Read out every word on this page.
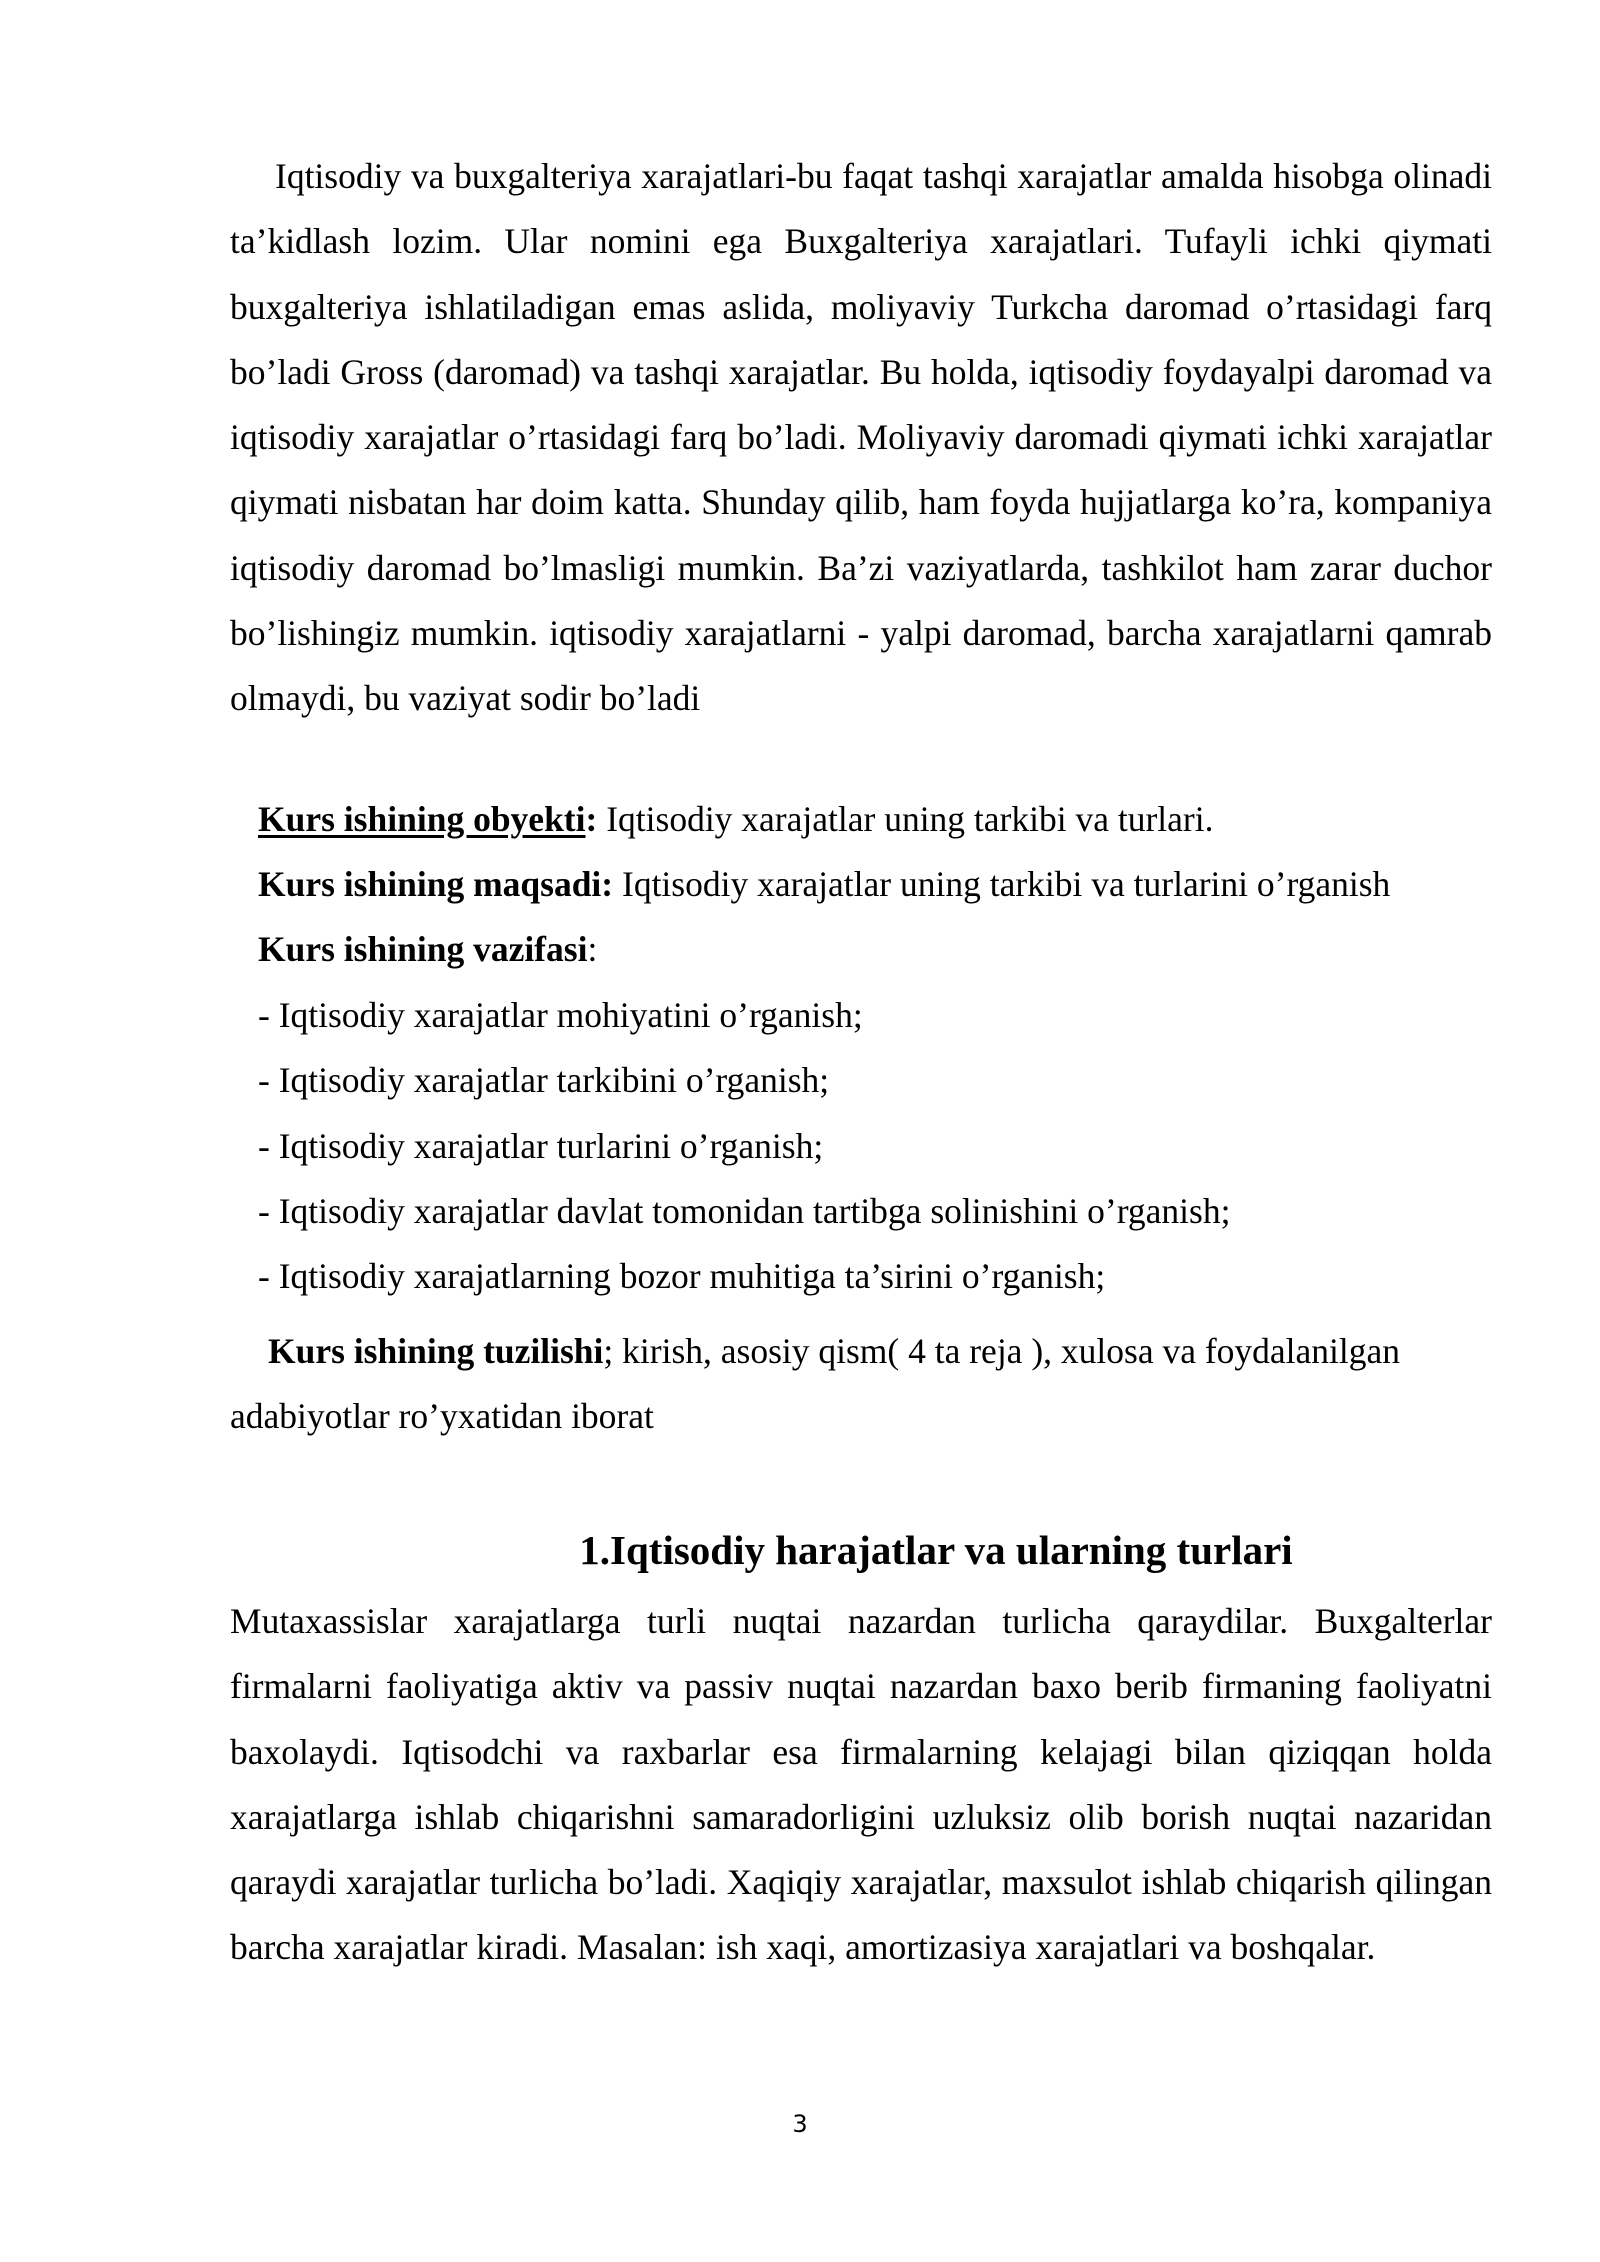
Iqtisodiy va buxgalteriya xarajatlari-bu faqat tashqi xarajatlar amalda hisobga olinadi ta’kidlash lozim. Ular nomini ega Buxgalteriya xarajatlari. Tufayli ichki qiymati buxgalteriya ishlatiladigan emas aslida, moliyaviy Turkcha daromad o’rtasidagi farq bo’ladi Gross (daromad) va tashqi xarajatlar. Bu holda, iqtisodiy foydayalpi daromad va iqtisodiy xarajatlar o’rtasidagi farq bo’ladi. Moliyaviy daromadi qiymati ichki xarajatlar qiymati nisbatan har doim katta. Shunday qilib, ham foyda hujjatlarga ko’ra, kompaniya iqtisodiy daromad bo’lmasligi mumkin. Ba’zi vaziyatlarda, tashkilot ham zarar duchor bo’lishingiz mumkin. iqtisodiy xarajatlarni - yalpi daromad, barcha xarajatlarni qamrab olmaydi, bu vaziyat sodir bo’ladi

Kurs ishining obyekti: Iqtisodiy xarajatlar uning tarkibi va turlari.
Kurs ishining maqsadi: Iqtisodiy xarajatlar uning tarkibi va turlarini o’rganish
Kurs ishining vazifasi:
- Iqtisodiy xarajatlar mohiyatini o’rganish;
- Iqtisodiy xarajatlar tarkibini o’rganish;
- Iqtisodiy xarajatlar turlarini o’rganish;
- Iqtisodiy xarajatlar davlat tomonidan tartibga solinishini o’rganish;
- Iqtisodiy xarajatlarning bozor muhitiga ta’sirini o’rganish;

Kurs ishining tuzilishi; kirish, asosiy qism( 4 ta reja ), xulosa va foydalanilgan adabiyotlar ro’yxatidan iborat

1.Iqtisodiy harajatlar va ularning turlari

Mutaxassislar xarajatlarga turli nuqtai nazardan turlicha qaraydilar. Buxgalterlar firmalarni faoliyatiga aktiv va passiv nuqtai nazardan baxo berib firmaning faoliyatni baxolaydi. Iqtisodchi va raxbarlar esa firmalarning kelajagi bilan qiziqqan holda xarajatlarga ishlab chiqarishni samaradorligini uzluksiz olib borish nuqtai nazaridan qaraydi xarajatlar turlicha bo’ladi. Xaqiqiy xarajatlar, maxsulot ishlab chiqarish qilingan barcha xarajatlar kiradi. Masalan: ish xaqi, amortizasiya xarajatlari va boshqalar.

3
